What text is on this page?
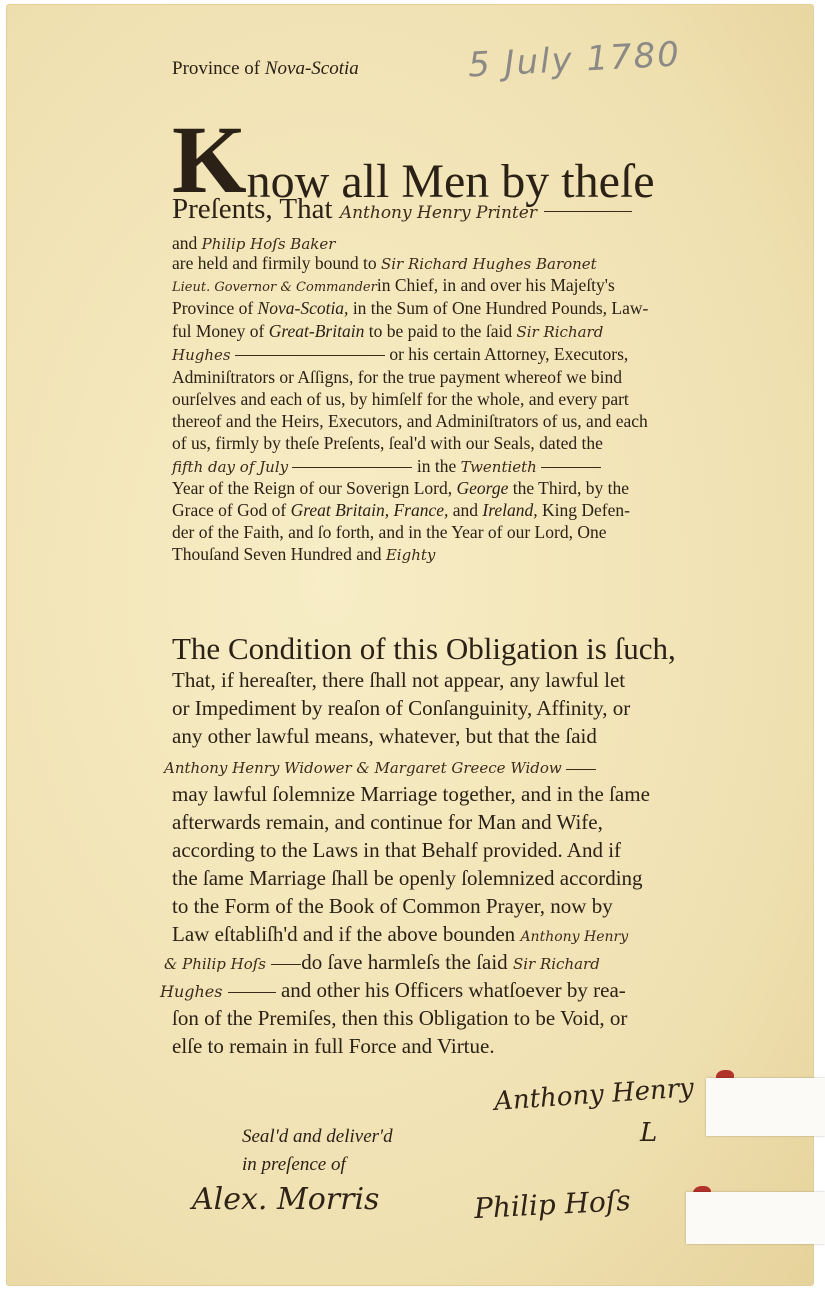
Province of Nova-Scotia	5 July 1780
Know all Men by theſe
Preſents, That Anthony Henry Printer
and Philip Hoſs Baker
are held and firmily bound to Sir Richard Hughes Baronet
Lieut. Governor & Commanderin Chief, in and over his Majeſty's
Province of Nova-Scotia, in the Sum of One Hundred Pounds, Law-
ful Money of Great-Britain to be paid to the ſaid Sir Richard
Hughes	or his certain Attorney, Executors,
Adminiſtrators or Aſſigns, for the true payment whereof we bind
ourſelves and each of us, by himſelf for the whole, and every part
thereof and the Heirs, Executors, and Adminiſtrators of us, and each
of us, firmly by theſe Preſents, ſeal'd with our Seals, dated the
fifth day of July	in the Twentieth
Year of the Reign of our Soverign Lord, George the Third, by the
Grace of God of Great Britain, France, and Ireland, King Defen-
der of the Faith, and ſo forth, and in the Year of our Lord, One
Thouſand Seven Hundred and Eighty
The Condition of this Obligation is ſuch,
That, if hereaſter, there ſhall not appear, any lawful let
or Impediment by reaſon of Conſanguinity, Affinity, or
any other lawful means, whatever, but that the ſaid
Anthony Henry Widower & Margaret Greece Widow
may lawful ſolemnize Marriage together, and in the ſame
afterwards remain, and continue for Man and Wife,
according to the Laws in that Behalf provided. And if
the ſame Marriage ſhall be openly ſolemnized according
to the Form of the Book of Common Prayer, now by
Law eſtabliſh'd and if the above bounden Anthony Henry
& Philip Hoſs do ſave harmleſs the ſaid Sir Richard
Hughes	and other his Officers whatſoever by rea-
ſon of the Premiſes, then this Obligation to be Void, or
elſe to remain in full Force and Virtue.
Seal'd and deliver'd
in preſence of
Alex. Morris
Anthony Henry
L
Philip Hoſs
